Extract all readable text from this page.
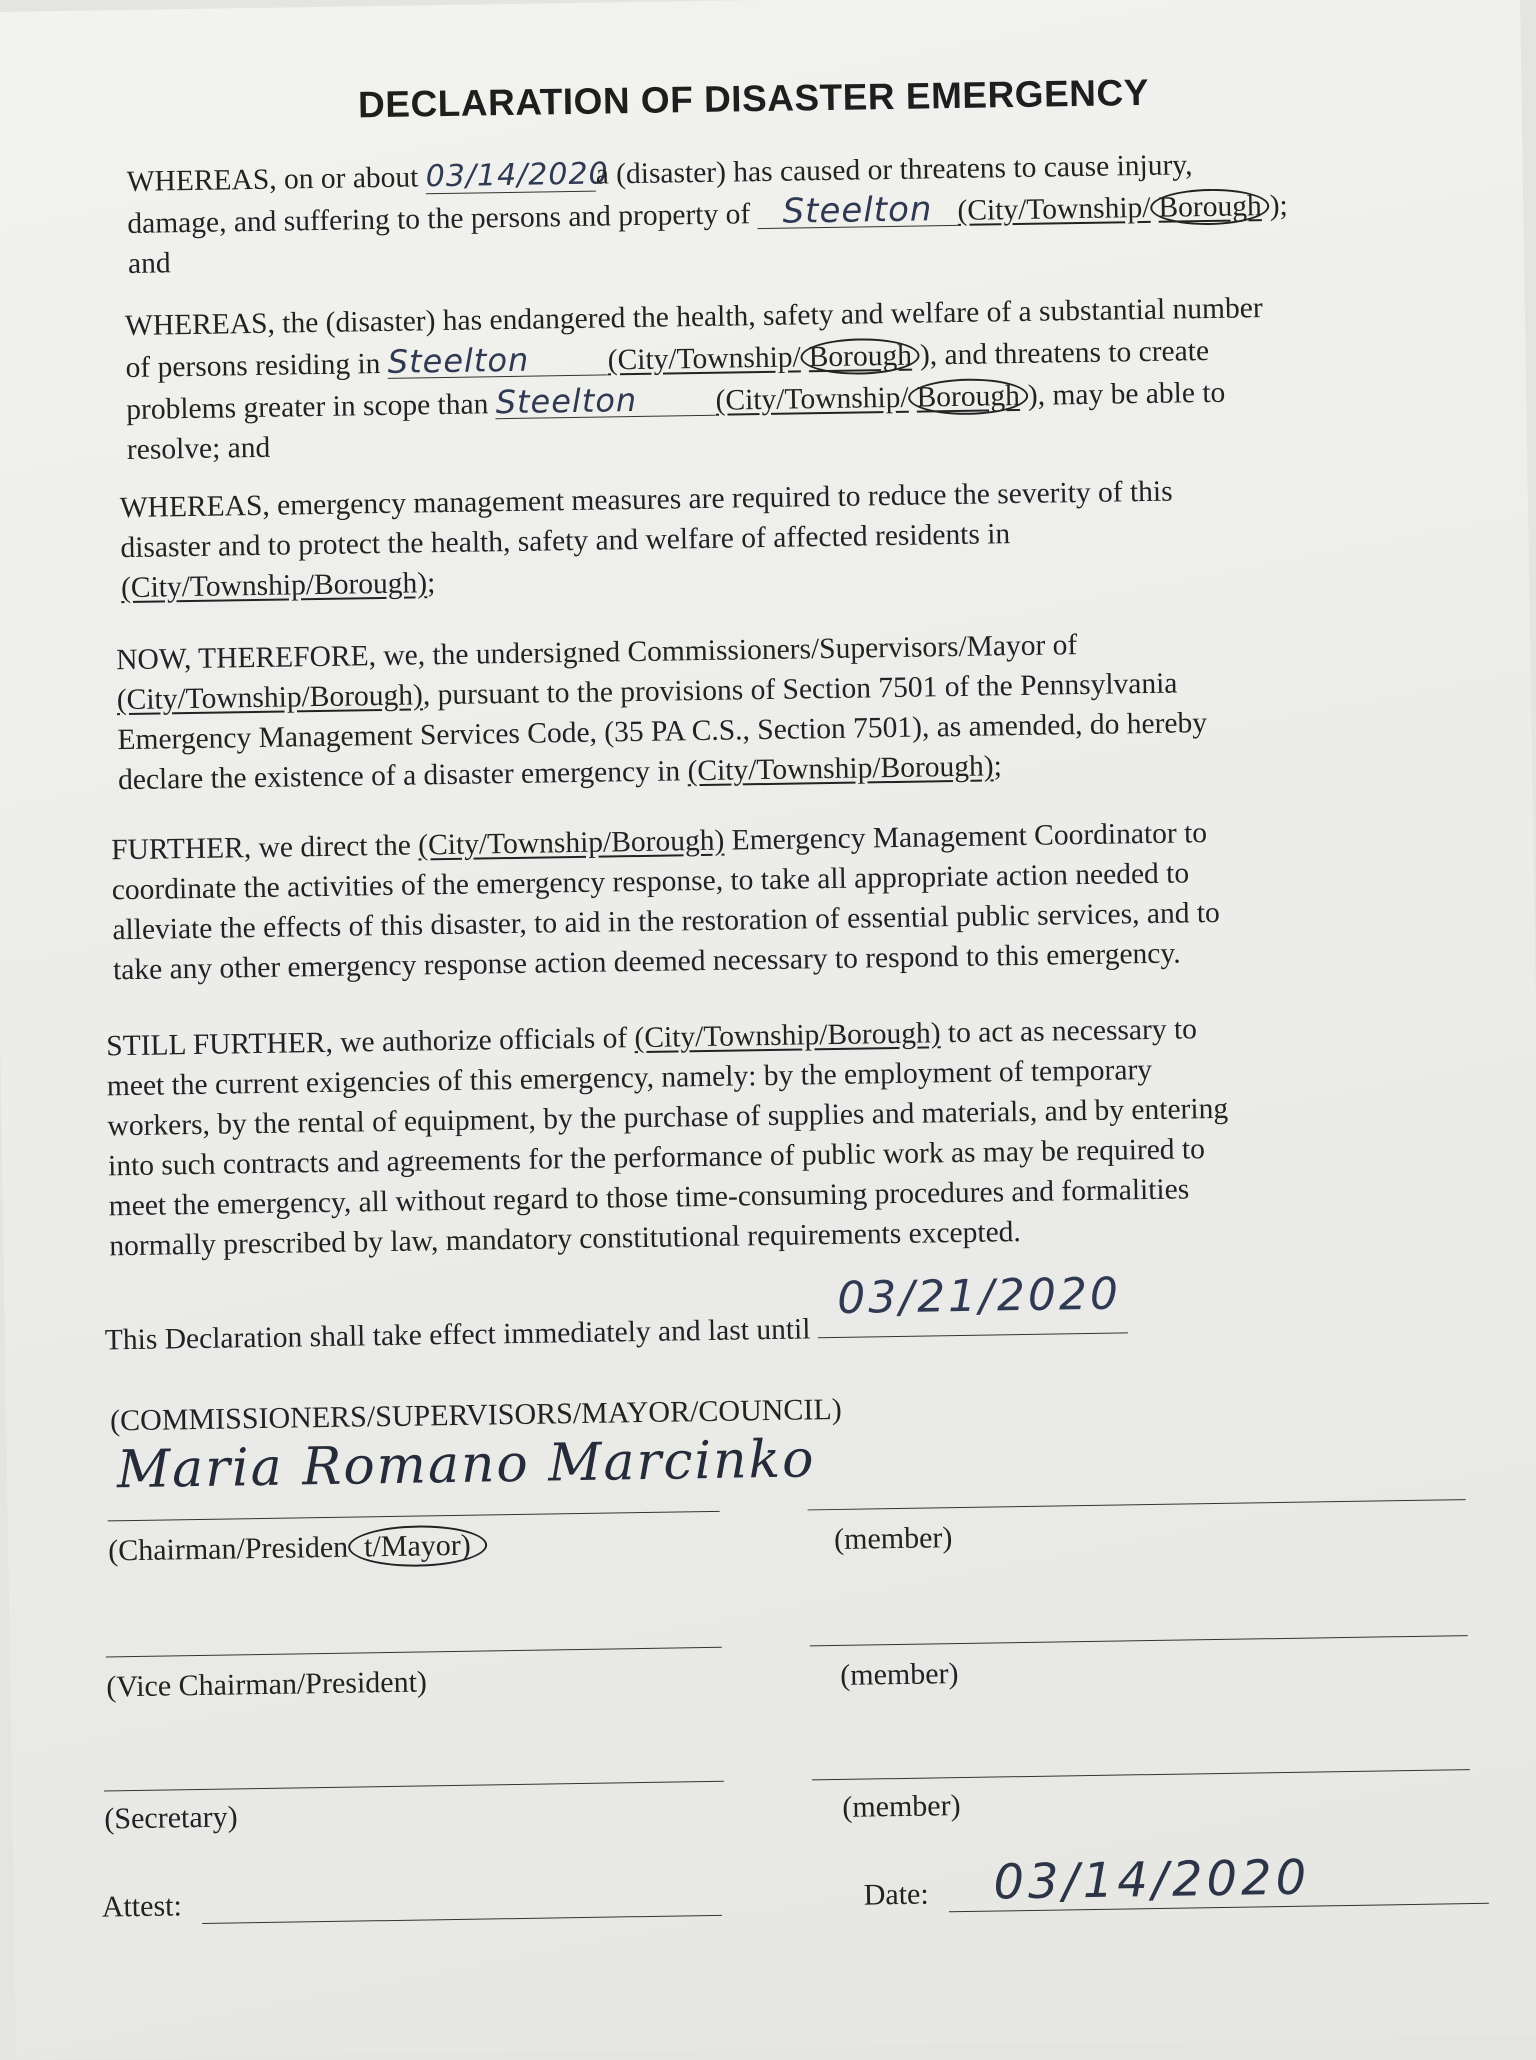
DECLARATION OF DISASTER EMERGENCY
WHEREAS, on or about 03/14/2020a (disaster) has caused or threatens to cause injury,
damage, and suffering to the persons and property of Steelton (City/Township/ Borough );
and
WHEREAS, the (disaster) has endangered the health, safety and welfare of a substantial number
of persons residing in Steelton	(City/Township/ Borough ), and threatens to create
problems greater in scope than Steelton	(City/Township/ Borough ), may be able to
resolve; and
WHEREAS, emergency management measures are required to reduce the severity of this
disaster and to protect the health, safety and welfare of affected residents in
(City/Township/Borough);
NOW, THEREFORE, we, the undersigned Commissioners/Supervisors/Mayor of
(City/Township/Borough), pursuant to the provisions of Section 7501 of the Pennsylvania
Emergency Management Services Code, (35 PA C.S., Section 7501), as amended, do hereby
declare the existence of a disaster emergency in (City/Township/Borough);
FURTHER, we direct the (City/Township/Borough) Emergency Management Coordinator to
coordinate the activities of the emergency response, to take all appropriate action needed to
alleviate the effects of this disaster, to aid in the restoration of essential public services, and to
take any other emergency response action deemed necessary to respond to this emergency.
STILL FURTHER, we authorize officials of (City/Township/Borough) to act as necessary to
meet the current exigencies of this emergency, namely: by the employment of temporary
workers, by the rental of equipment, by the purchase of supplies and materials, and by entering
into such contracts and agreements for the performance of public work as may be required to
meet the emergency, all without regard to those time-consuming procedures and formalities
normally prescribed by law, mandatory constitutional requirements excepted.
This Declaration shall take effect immediately and last until
03/21/2020
(COMMISSIONERS/SUPERVISORS/MAYOR/COUNCIL)
Maria Romano Marcinko
(Chairman/Presiden t/Mayor)	(member)
(Vice Chairman/President)	(member)
(Secretary)	(member)
Attest:	Date: 03/14/2020
